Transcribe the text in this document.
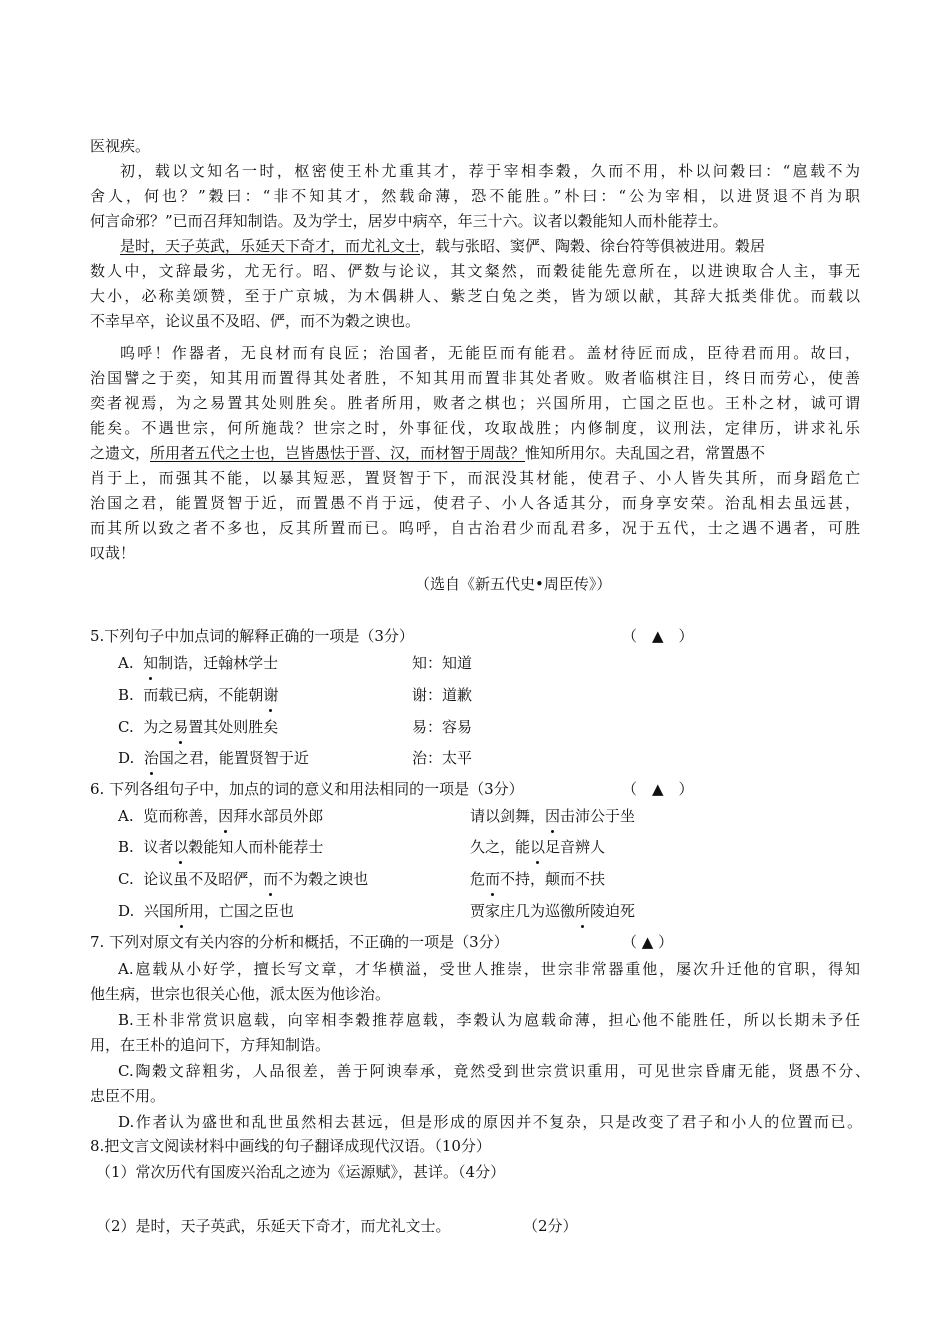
医视疾。
初，载以文知名一时，枢密使王朴尤重其才，荐于宰相李穀，久而不用，朴以问穀曰：“扈载不为
舍人，何也？”穀曰：“非不知其才，然载命薄，恐不能胜。”朴曰：“公为宰相，以进贤退不肖为职
何言命邪？”已而召拜知制诰。及为学士，居岁中病卒，年三十六。议者以穀能知人而朴能荐士。
是时，天子英武，乐延天下奇才，而尤礼文士，载与张昭、窦俨、陶穀、徐台符等俱被进用。穀居
数人中，文辞最劣，尤无行。昭、俨数与论议，其文粲然，而穀徒能先意所在，以进谀取合人主，事无
大小，必称美颂赞，至于广京城，为木偶耕人、紫芝白兔之类，皆为颂以献，其辞大抵类俳优。而载以
不幸早卒，论议虽不及昭、俨，而不为穀之谀也。
呜呼！作器者，无良材而有良匠；治国者，无能臣而有能君。盖材待匠而成，臣待君而用。故曰，
治国譬之于奕，知其用而置得其处者胜，不知其用而置非其处者败。败者临棋注目，终日而劳心，使善
奕者视焉，为之易置其处则胜矣。胜者所用，败者之棋也；兴国所用，亡国之臣也。王朴之材，诚可谓
能矣。不遇世宗，何所施哉？世宗之时，外事征伐，攻取战胜；内修制度，议刑法，定律历，讲求礼乐
之遗文，所用者五代之士也，岂皆愚怯于晋、汉，而材智于周哉？惟知所用尔。夫乱国之君，常置愚不
肖于上，而强其不能，以暴其短恶，置贤智于下，而泯没其材能，使君子、小人皆失其所，而身蹈危亡
治国之君，能置贤智于近，而置愚不肖于远，使君子、小人各适其分，而身享安荣。治乱相去虽远甚，
而其所以致之者不多也，反其所置而已。呜呼，自古治君少而乱君多，况于五代，士之遇不遇者，可胜
叹哉！
（选自《新五代史•周臣传》）
5.下列句子中加点词的解释正确的一项是（3分）	（　▲　）
A. 知制诰，迁翰林学士	知：知道
B. 而载已病，不能朝谢	谢：道歉
C. 为之易置其处则胜矣	易：容易
D. 治国之君，能置贤智于近	治：太平
6. 下列各组句子中，加点的词的意义和用法相同的一项是（3分）	（　▲　）
A. 览而称善，因拜水部员外郎	请以剑舞，因击沛公于坐
B. 议者以穀能知人而朴能荐士	久之，能以足音辨人
C. 论议虽不及昭俨，而不为穀之谀也	危而不持，颠而不扶
D. 兴国所用，亡国之臣也	贾家庄几为巡徼所陵迫死
7. 下列对原文有关内容的分析和概括，不正确的一项是（3分）	（ ▲ ）
A.扈载从小好学，擅长写文章，才华横溢，受世人推崇，世宗非常器重他，屡次升迁他的官职，得知
他生病，世宗也很关心他，派太医为他诊治。
B.王朴非常赏识扈载，向宰相李穀推荐扈载，李穀认为扈载命薄，担心他不能胜任，所以长期未予任
用，在王朴的追问下，方拜知制诰。
C.陶穀文辞粗劣，人品很差，善于阿谀奉承，竟然受到世宗赏识重用，可见世宗昏庸无能，贤愚不分、
忠臣不用。
D.作者认为盛世和乱世虽然相去甚远，但是形成的原因并不复杂，只是改变了君子和小人的位置而已。
8.把文言文阅读材料中画线的句子翻译成现代汉语。（10分）
（1）常次历代有国废兴治乱之迹为《运源赋》，甚详。（4分）
（2）是时，天子英武，乐延天下奇才，而尤礼文士。	（2分）
